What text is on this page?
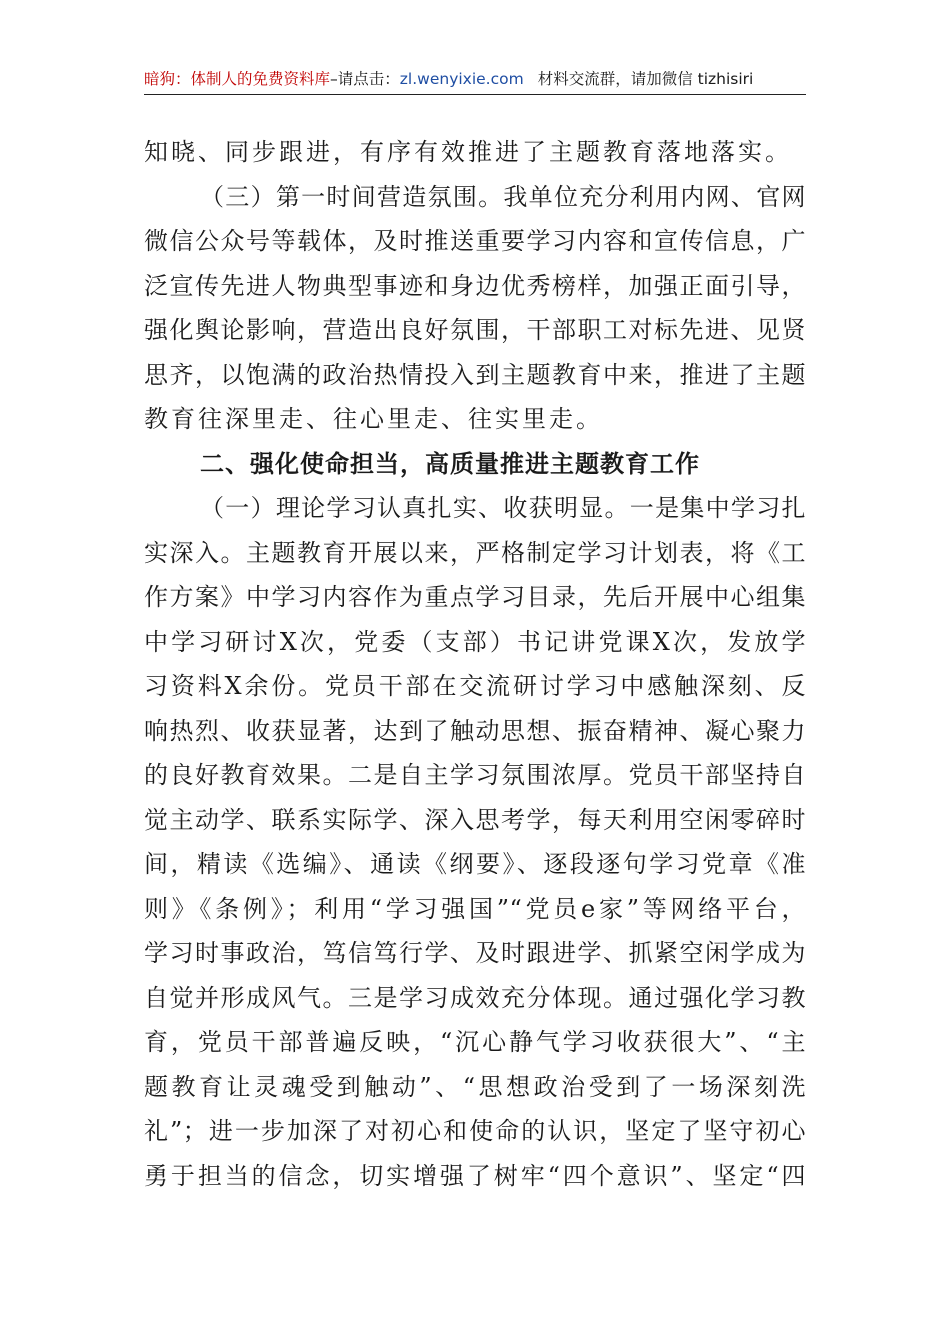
暗狗：体制人的免费资料库–请点击：zl.wenyixie.com 材料交流群，请加微信 tizhisiri
知晓、同步跟进，有序有效推进了主题教育落地落实。
（三）第一时间营造氛围。我单位充分利用内网、官网
微信公众号等载体，及时推送重要学习内容和宣传信息，广
泛宣传先进人物典型事迹和身边优秀榜样，加强正面引导，
强化舆论影响，营造出良好氛围，干部职工对标先进、见贤
思齐，以饱满的政治热情投入到主题教育中来，推进了主题
教育往深里走、往心里走、往实里走。
二、强化使命担当，高质量推进主题教育工作
（一）理论学习认真扎实、收获明显。一是集中学习扎
实深入。主题教育开展以来，严格制定学习计划表，将《工
作方案》中学习内容作为重点学习目录，先后开展中心组集
中学习研讨X次，党委（支部）书记讲党课X次，发放学
习资料X余份。党员干部在交流研讨学习中感触深刻、反
响热烈、收获显著，达到了触动思想、振奋精神、凝心聚力
的良好教育效果。二是自主学习氛围浓厚。党员干部坚持自
觉主动学、联系实际学、深入思考学，每天利用空闲零碎时
间，精读《选编》、通读《纲要》、逐段逐句学习党章《准
则》《条例》；利用“学习强国”“党员e家”等网络平台，
学习时事政治，笃信笃行学、及时跟进学、抓紧空闲学成为
自觉并形成风气。三是学习成效充分体现。通过强化学习教
育，党员干部普遍反映，“沉心静气学习收获很大”、“主
题教育让灵魂受到触动”、“思想政治受到了一场深刻洗
礼”；进一步加深了对初心和使命的认识，坚定了坚守初心
勇于担当的信念，切实增强了树牢“四个意识”、坚定“四
